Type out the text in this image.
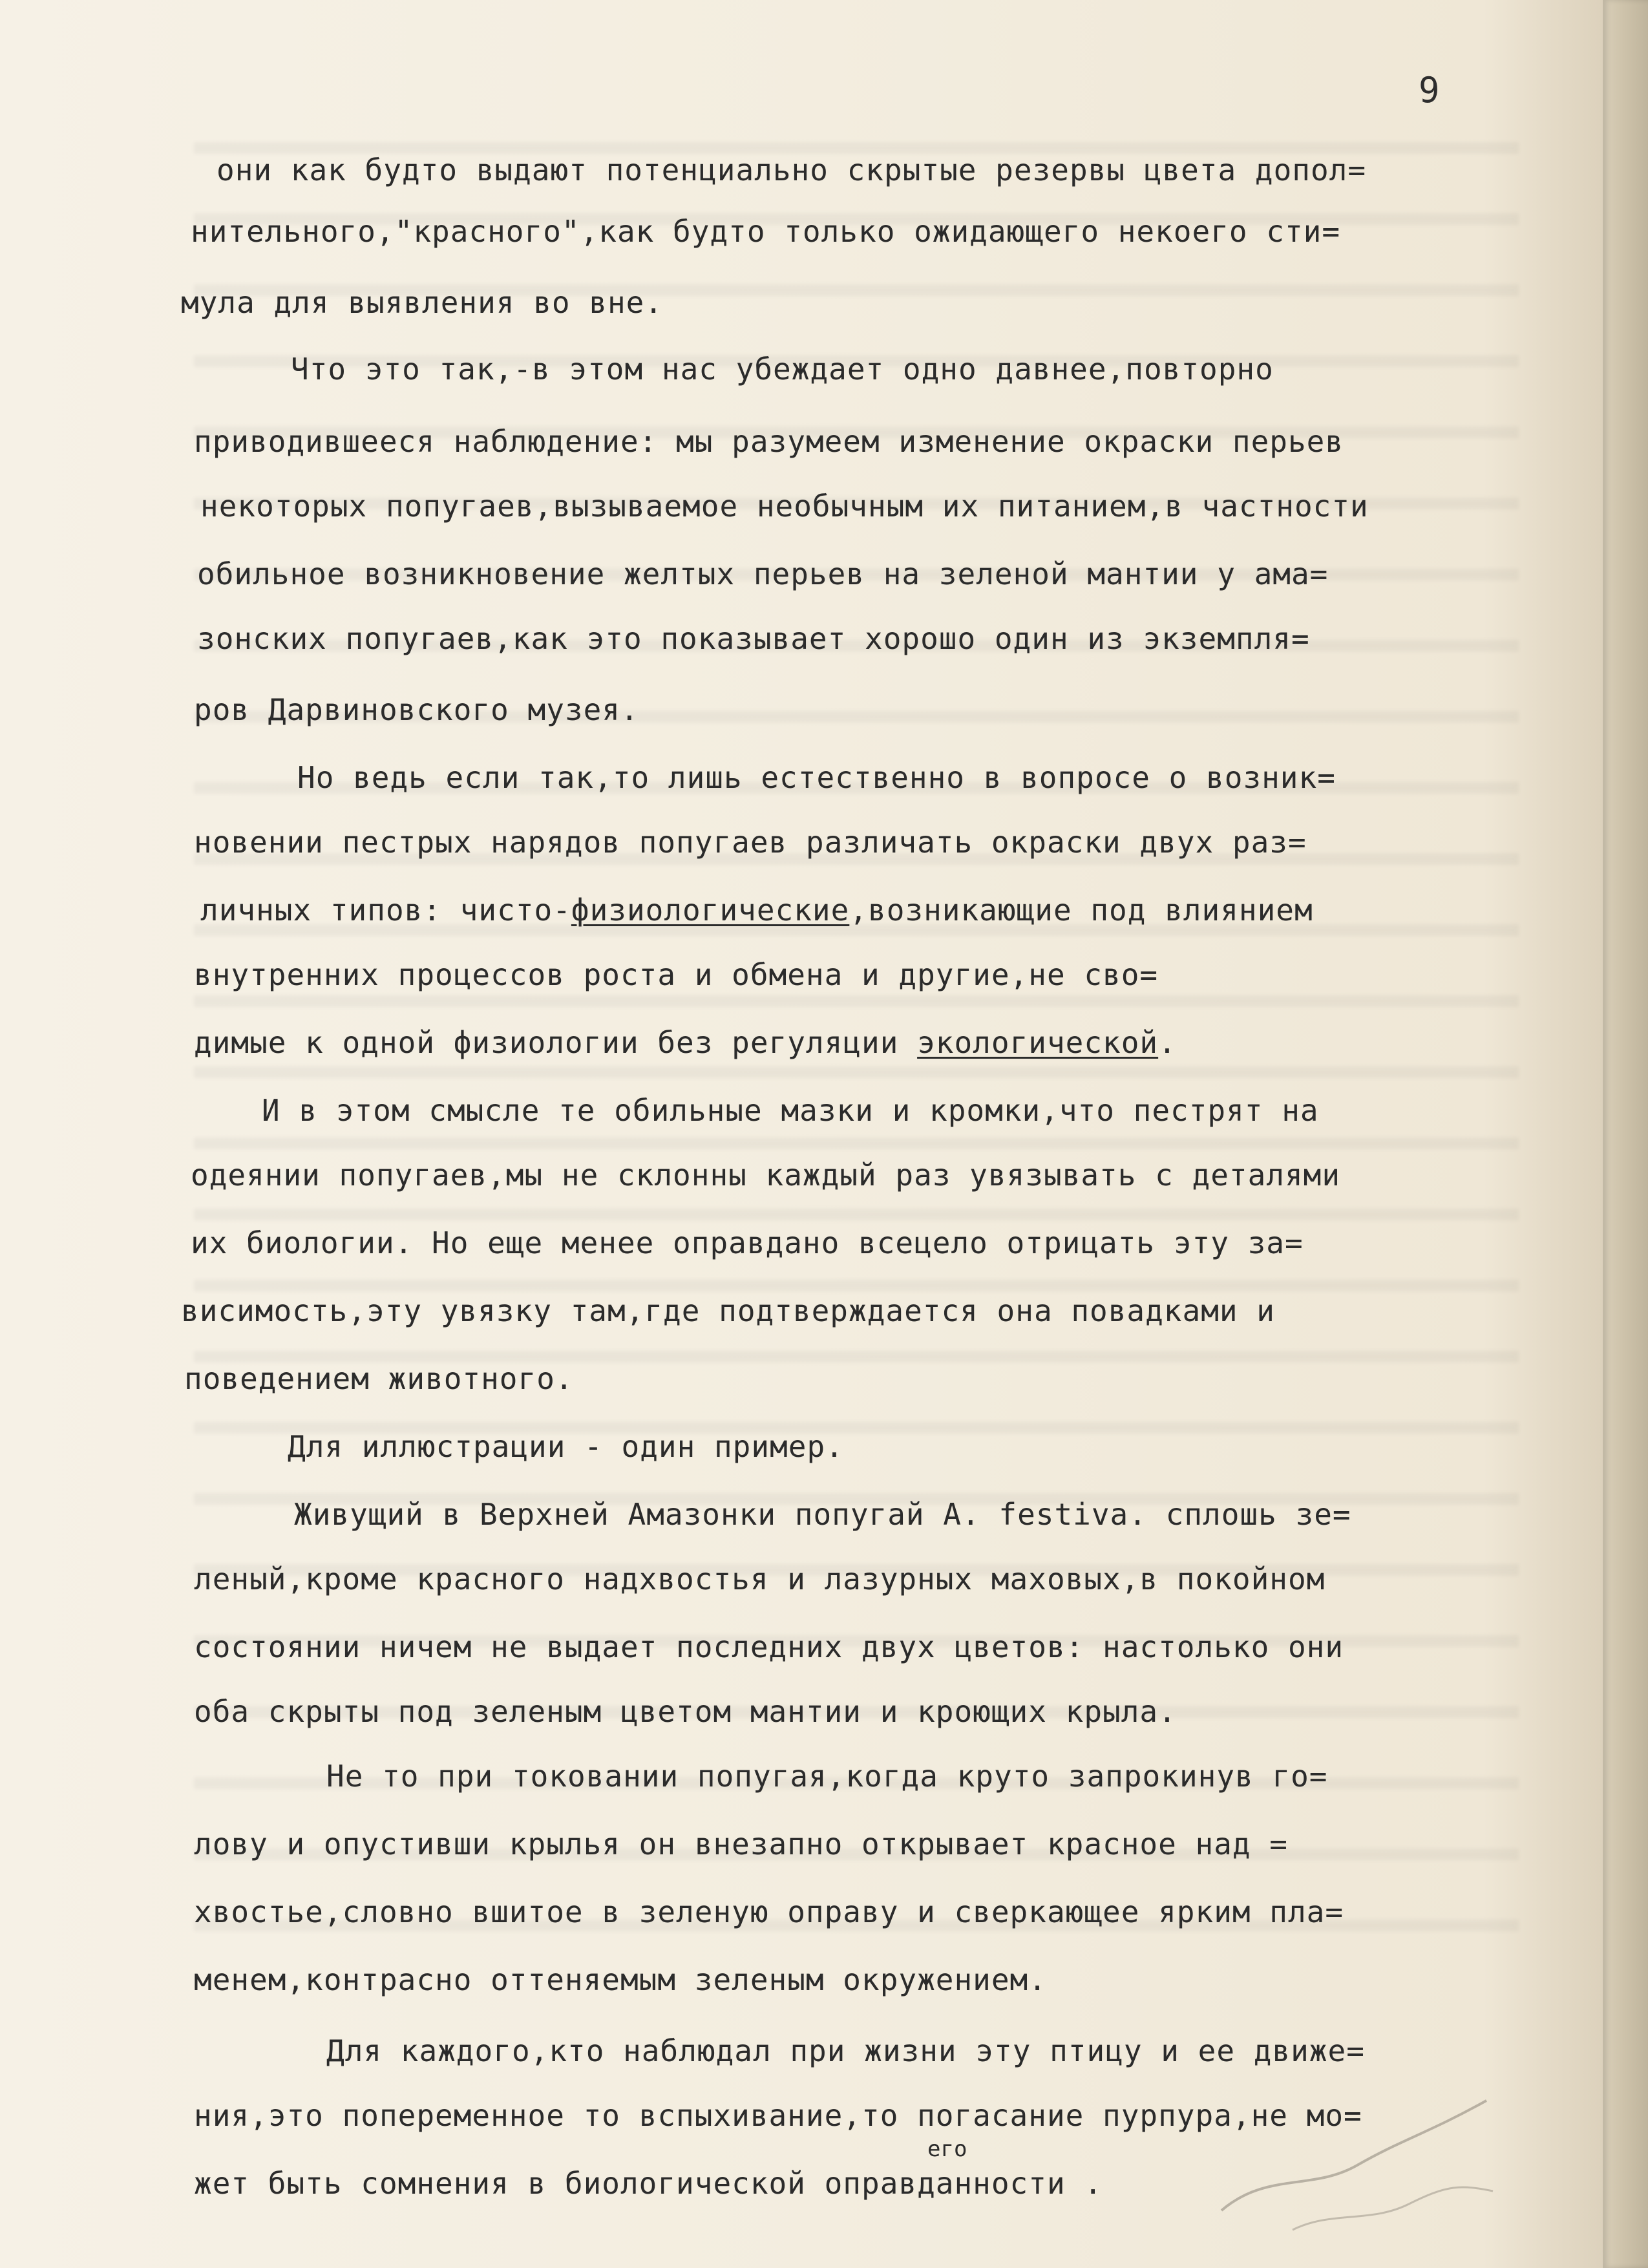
9

они как будто выдают потенциально скрытые резервы цвета допол=

нительного,"красного",как будто только ожидающего некоего сти=

мула для выявления во вне.

Что это так,-в этом нас убеждает одно давнее,повторно

приводившееся наблюдение: мы разумеем изменение окраски перьев

некоторых попугаев,вызываемое необычным их питанием,в частности

обильное возникновение желтых перьев на зеленой мантии у ама=

зонских попугаев,как это показывает хорошо один из экземпля=

ров Дарвиновского музея.

Но ведь если так,то лишь естественно в вопросе о возник=

новении пестрых нарядов попугаев различать окраски двух раз=

личных типов: чисто-физиологические,возникающие под влиянием

внутренних процессов роста и обмена и другие,не сво=

димые к одной физиологии без регуляции экологической.

И в этом смысле те обильные мазки и кромки,что пестрят на

одеянии попугаев,мы не склонны каждый раз увязывать с деталями

их биологии. Но еще менее оправдано всецело отрицать эту за=

висимость,эту увязку там,где подтверждается она повадками и

поведением животного.

Для иллюстрации - один пример.

Живущий в Верхней Амазонки попугай A. festiva. сплошь зе=

леный,кроме красного надхвостья и лазурных маховых,в покойном

состоянии ничем не выдает последних двух цветов: настолько они

оба скрыты под зеленым цветом мантии и кроющих крыла.

Не то при токовании попугая,когда круто запрокинув го=

лову и опустивши крылья он внезапно открывает красное над =

хвостье,словно вшитое в зеленую оправу и сверкающее ярким пла=

менем,контрасно оттеняемым зеленым окружением.

Для каждого,кто наблюдал при жизни эту птицу и ее движе=

ния,это попеременное то вспыхивание,то погасание пурпура,не мо=

его

жет быть сомнения в биологической оправданности .
